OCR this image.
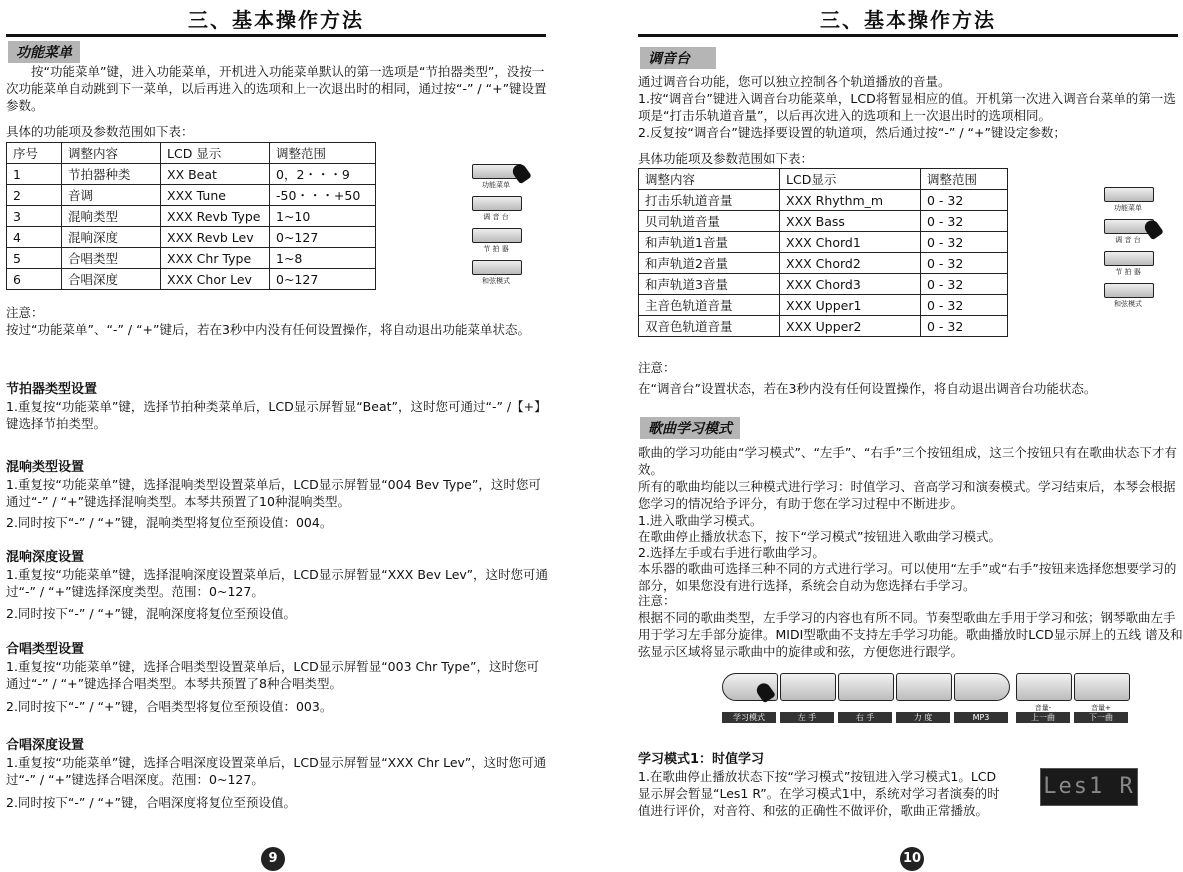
三、基本操作方法
功能菜单

按“功能菜单”键，进入功能菜单，开机进入功能菜单默认的第一选项是“节拍器类型”，没按一次功能菜单自动跳到下一菜单，以后再进入的选项和上一次退出时的相同，通过按“-” / “+”键设置参数。

具体的功能项及参数范围如下表：
序号	调整内容	LCD 显示	调整范围
1	节拍器种类	XX Beat	0，2・・・9
2	音调	XXX Tune	-50・・・+50
3	混响类型	XXX Revb Type	1~10
4	混响深度	XXX Revb Lev	0~127
5	合唱类型	XXX Chr Type	1~8
6	合唱深度	XXX Chor Lev	0~127
功能菜单
调 音 台
节 拍 器
和弦模式
注意：

按过“功能菜单”、“-” / “+”键后，若在3秒中内没有任何设置操作，将自动退出功能菜单状态。

节拍器类型设置

1.重复按“功能菜单”键，选择节拍种类菜单后，LCD显示屏暂显“Beat”，这时您可通过“-” /【+】键选择节拍类型。

混响类型设置

1.重复按“功能菜单”键，选择混响类型设置菜单后，LCD显示屏暂显“004 Bev Type”，这时您可通过“-” / “+”键选择混响类型。本琴共预置了10种混响类型。

2.同时按下“-” / “+”键，混响类型将复位至预设值：004。

混响深度设置

1.重复按“功能菜单”键，选择混响深度设置菜单后，LCD显示屏暂显“XXX Bev Lev”，这时您可通过“-” / “+”键选择深度类型。范围：0~127。

2.同时按下“-” / “+”键，混响深度将复位至预设值。

合唱类型设置

1.重复按“功能菜单”键，选择合唱类型设置菜单后，LCD显示屏暂显“003 Chr Type”，这时您可通过“-” / “+”键选择合唱类型。本琴共预置了8种合唱类型。

2.同时按下“-” / “+”键，合唱类型将复位至预设值：003。

合唱深度设置

1.重复按“功能菜单”键，选择合唱深度设置菜单后，LCD显示屏暂显“XXX Chr Lev”，这时您可通过“-” / “+”键选择合唱深度。范围：0~127。

2.同时按下“-” / “+”键，合唱深度将复位至预设值。

9
三、基本操作方法
调音台

通过调音台功能，您可以独立控制各个轨道播放的音量。

1.按“调音台”键进入调音台功能菜单，LCD将暂显相应的值。开机第一次进入调音台菜单的第一选项是“打击乐轨道音量”，以后再次进入的选项和上一次退出时的选项相同。

2.反复按“调音台”键选择要设置的轨道项，然后通过按“-” / “+”键设定参数；

具体功能项及参数范围如下表：
调整内容	LCD显示	调整范围
打击乐轨道音量	XXX Rhythm_m	0 - 32
贝司轨道音量	XXX Bass	0 - 32
和声轨道1音量	XXX Chord1	0 - 32
和声轨道2音量	XXX Chord2	0 - 32
和声轨道3音量	XXX Chord3	0 - 32
主音色轨道音量	XXX Upper1	0 - 32
双音色轨道音量	XXX Upper2	0 - 32
功能菜单
调 音 台
节 拍 器
和弦模式
注意：

在“调音台”设置状态，若在3秒内没有任何设置操作，将自动退出调音台功能状态。

歌曲学习模式

歌曲的学习功能由“学习模式”、“左手”、“右手”三个按钮组成，这三个按钮只有在歌曲状态下才有效。

所有的歌曲均能以三种模式进行学习：时值学习、音高学习和演奏模式。学习结束后，本琴会根据您学习的情况给予评分，有助于您在学习过程中不断进步。

1.进入歌曲学习模式。

在歌曲停止播放状态下，按下“学习模式”按钮进入歌曲学习模式。

2.选择左手或右手进行歌曲学习。

本乐器的歌曲可选择三种不同的方式进行学习。可以使用“左手”或“右手”按钮来选择您想要学习的部分，如果您没有进行选择，系统会自动为您选择右手学习。

注意：

根据不同的歌曲类型，左手学习的内容也有所不同。节奏型歌曲左手用于学习和弦；钢琴歌曲左手用于学习左手部分旋律。MIDI型歌曲不支持左手学习功能。歌曲播放时LCD显示屏上的五线 谱及和弦显示区域将显示歌曲中的旋律或和弦，方便您进行跟学。

学习模式	左 手	右 手	力 度	MP3
音量-
上一曲
音量+
下一曲
学习模式1：时值学习

1.在歌曲停止播放状态下按“学习模式”按钮进入学习模式1。LCD显示屏会暂显“Les1 R”。在学习模式1中，系统对学习者演奏的时值进行评价，对音符、和弦的正确性不做评价，歌曲正常播放。

Les1 R
10
